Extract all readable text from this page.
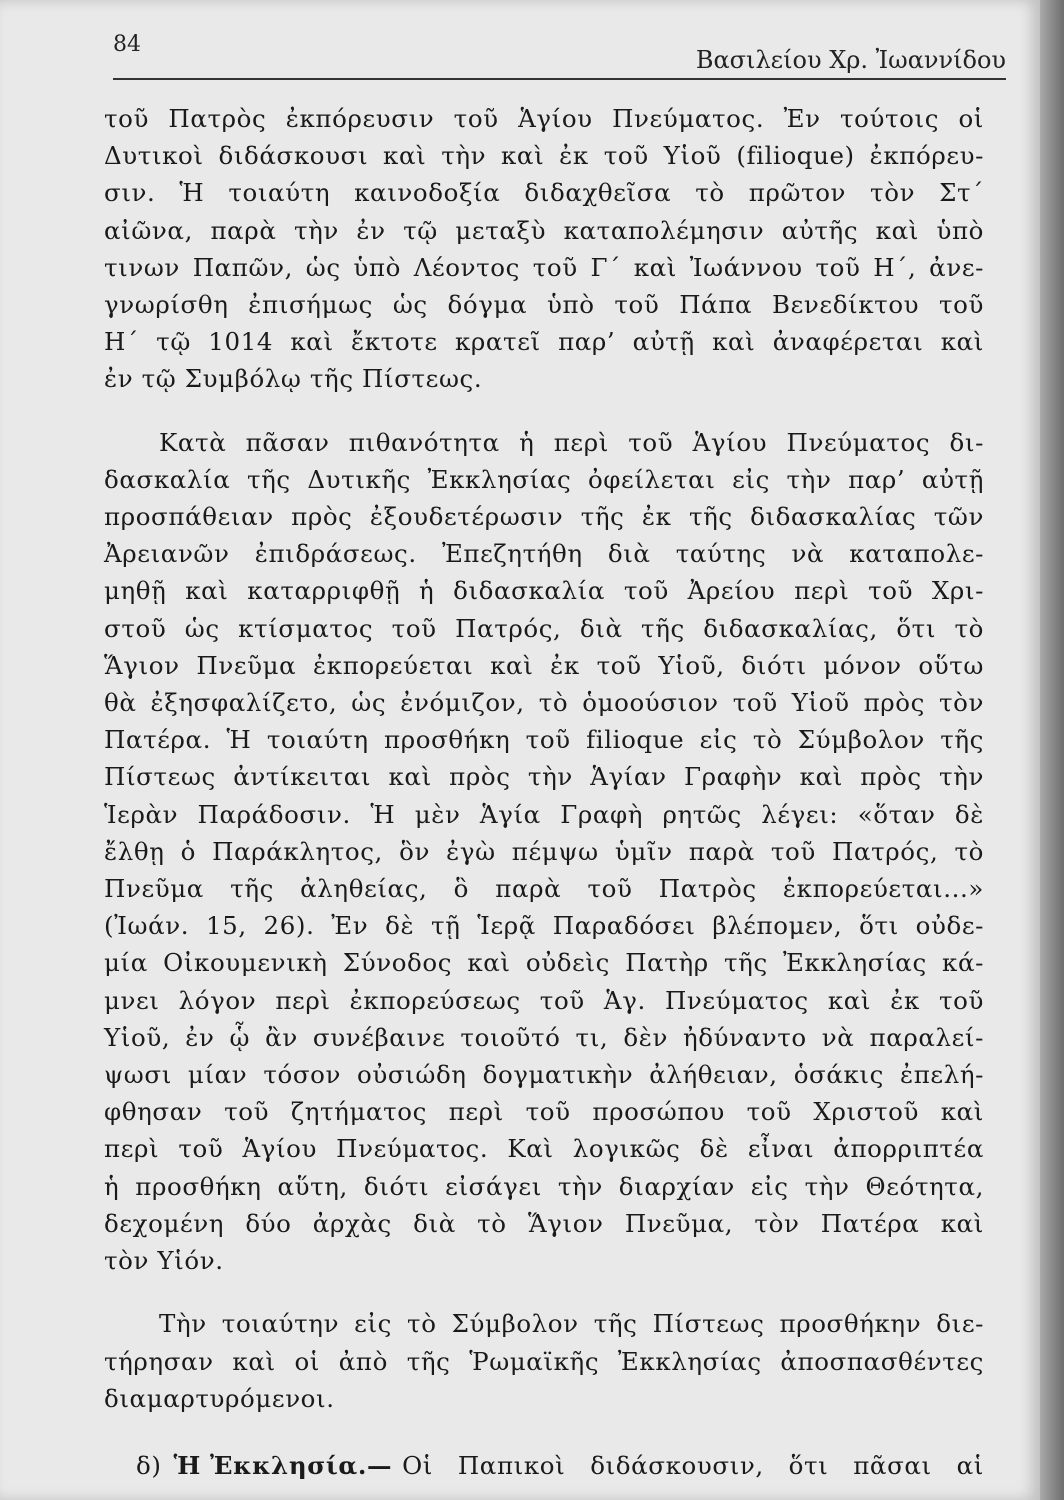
84
Βασιλείου Χρ. Ἰωαννίδου
τοῦ Πατρὸς ἐκπόρευσιν τοῦ Ἁγίου Πνεύματος. Ἐν τούτοις οἱ
Δυτικοὶ διδάσκουσι καὶ τὴν καὶ ἐκ τοῦ Υἱοῦ (filioque) ἐκπόρευ-
σιν. Ἡ τοιαύτη καινοδοξία διδαχθεῖσα τὸ πρῶτον τὸν Στ´
αἰῶνα, παρὰ τὴν ἐν τῷ μεταξὺ καταπολέμησιν αὐτῆς καὶ ὑπὸ
τινων Παπῶν, ὡς ὑπὸ Λέοντος τοῦ Γ´ καὶ Ἰωάννου τοῦ Η´, ἀνε-
γνωρίσθη ἐπισήμως ὡς δόγμα ὑπὸ τοῦ Πάπα Βενεδίκτου τοῦ
Η´ τῷ 1014 καὶ ἔκτοτε κρατεῖ παρ’ αὐτῇ καὶ ἀναφέρεται καὶ
ἐν τῷ Συμβόλῳ τῆς Πίστεως.
Κατὰ πᾶσαν πιθανότητα ἡ περὶ τοῦ Ἁγίου Πνεύματος δι-
δασκαλία τῆς Δυτικῆς Ἐκκλησίας ὀφείλεται εἰς τὴν παρ’ αὐτῇ
προσπάθειαν πρὸς ἐξουδετέρωσιν τῆς ἐκ τῆς διδασκαλίας τῶν
Ἀρειανῶν ἐπιδράσεως. Ἐπεζητήθη διὰ ταύτης νὰ καταπολε-
μηθῇ καὶ καταρριφθῇ ἡ διδασκαλία τοῦ Ἀρείου περὶ τοῦ Χρι-
στοῦ ὡς κτίσματος τοῦ Πατρός, διὰ τῆς διδασκαλίας, ὅτι τὸ
Ἅγιον Πνεῦμα ἐκπορεύεται καὶ ἐκ τοῦ Υἱοῦ, διότι μόνον οὕτω
θὰ ἐξησφαλίζετο, ὡς ἐνόμιζον, τὸ ὁμοούσιον τοῦ Υἱοῦ πρὸς τὸν
Πατέρα. Ἡ τοιαύτη προσθήκη τοῦ filioque εἰς τὸ Σύμβολον τῆς
Πίστεως ἀντίκειται καὶ πρὸς τὴν Ἁγίαν Γραφὴν καὶ πρὸς τὴν
Ἱερὰν Παράδοσιν. Ἡ μὲν Ἁγία Γραφὴ ρητῶς λέγει: «ὅταν δὲ
ἔλθῃ ὁ Παράκλητος, ὃν ἐγὼ πέμψω ὑμῖν παρὰ τοῦ Πατρός, τὸ
Πνεῦμα τῆς ἀληθείας, ὃ παρὰ τοῦ Πατρὸς ἐκπορεύεται...»
(Ἰωάν. 15, 26). Ἐν δὲ τῇ Ἱερᾷ Παραδόσει βλέπομεν, ὅτι οὐδε-
μία Οἰκουμενικὴ Σύνοδος καὶ οὐδεὶς Πατὴρ τῆς Ἐκκλησίας κά-
μνει λόγον περὶ ἐκπορεύσεως τοῦ Ἁγ. Πνεύματος καὶ ἐκ τοῦ
Υἱοῦ, ἐν ᾧ ἂν συνέβαινε τοιοῦτό τι, δὲν ἠδύναντο νὰ παραλεί-
ψωσι μίαν τόσον οὐσιώδη δογματικὴν ἀλήθειαν, ὁσάκις ἐπελή-
φθησαν τοῦ ζητήματος περὶ τοῦ προσώπου τοῦ Χριστοῦ καὶ
περὶ τοῦ Ἁγίου Πνεύματος. Καὶ λογικῶς δὲ εἶναι ἀπορριπτέα
ἡ προσθήκη αὕτη, διότι εἰσάγει τὴν διαρχίαν εἰς τὴν Θεότητα,
δεχομένη δύο ἀρχὰς διὰ τὸ Ἅγιον Πνεῦμα, τὸν Πατέρα καὶ
τὸν Υἱόν.
Τὴν τοιαύτην εἰς τὸ Σύμβολον τῆς Πίστεως προσθήκην διε-
τήρησαν καὶ οἱ ἀπὸ τῆς Ῥωμαϊκῆς Ἐκκλησίας ἀποσπασθέντες
διαμαρτυρόμενοι.
δ) Ἡ Ἐκκλησία.— Οἱ Παπικοὶ διδάσκουσιν, ὅτι πᾶσαι αἱ
